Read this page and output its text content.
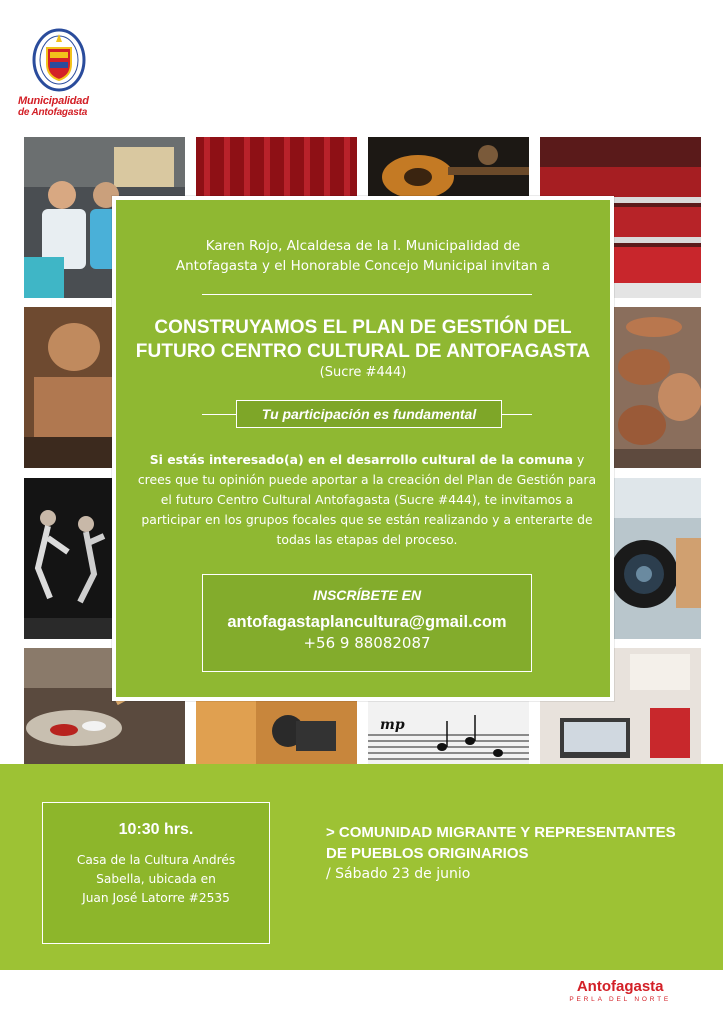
Municipalidad
de Antofagasta
mp
Karen Rojo, Alcaldesa de la I. Municipalidad de
Antofagasta y el Honorable Concejo Municipal invitan a
CONSTRUYAMOS EL PLAN DE GESTIÓN DEL
FUTURO CENTRO CULTURAL DE ANTOFAGASTA
(Sucre #444)
Tu participación es fundamental
Si estás interesado(a) en el desarrollo cultural de la comuna y crees que tu opinión puede aportar a la creación del Plan de Gestión para el futuro Centro Cultural Antofagasta (Sucre #444), te invitamos a participar en los grupos focales que se están realizando y a enterarte de todas las etapas del proceso.
INSCRÍBETE EN
antofagastaplancultura@gmail.com
+56 9 88082087
10:30 hrs.
Casa de la Cultura Andrés
Sabella, ubicada en
Juan José Latorre #2535
> COMUNIDAD MIGRANTE Y REPRESENTANTES
DE PUEBLOS ORIGINARIOS
/ Sábado 23 de junio
Antofagasta
PERLA DEL NORTE
